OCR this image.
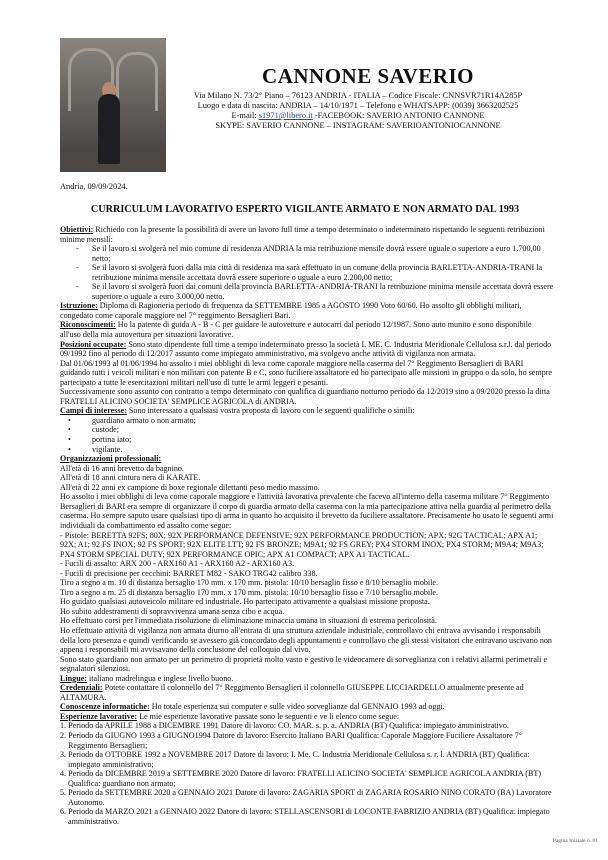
CANNONE SAVERIO
Via Milano N. 73/2° Piano – 76123 ANDRIA - ITALIA – Codice Fiscale: CNNSVR71R14A285P
Luogo e data di nascita: ANDRIA – 14/10/1971 – Telefono e WHATSAPP: (0039) 3663202525
E-mail: s1971@libero.it -FACEBOOK: SAVERIO ANTONIO CANNONE
SKYPE: SAVERIO CANNONE – INSTAGRAM: SAVERIOANTONIOCANNONE
Andria, 09/09/2024.
CURRICULUM LAVORATIVO ESPERTO VIGILANTE ARMATO E NON ARMATO DAL 1993

Obiettivi: Richiedo con la presente la possibilità di avere un lavoro full time a tempo determinato o indeterminato rispettando le seguenti retribuzioni minime mensili:

- Se il lavoro si svolgerà nel mio comune di residenza ANDRIA la mia retribuzione mensile dovrà essere uguale o superiore a euro 1.700,00 netto;
- Se il lavoro si svolgerà fuori dalla mia città di residenza ma sarà effettuato in un comune della provincia BARLETTA-ANDRIA-TRANI la retribuzione minima mensile accettata dovrà essere superiore o uguale a euro 2.200,00 netto;
- Se il lavoro si svolgerà fuori dai comuni della provincia BARLETTA-ANDRIA-TRANI la retribuzione minima mensile accettata dovrà essere superiore o uguale a euro 3.000,00 netto.

Istruzione: Diploma di Ragioneria periodo di frequenza da SETTEMBRE 1985 a AGOSTO 1990 Voto 60/60. Ho assolto gli obblighi militari, congedato come caporale maggiore nel 7° reggimento Bersaglieri Bari.

Riconoscimenti: Ho la patente di guida A - B - C per guidare le autovetture e autocarri dal periodo 12/1987. Sono auto munito e sono disponibile all'uso della mia autovettura per situazioni lavorative.

Posizioni occupate: Sono stato dipendente full time a tempo indeterminato presso la società I. ME. C. Industria Meridionale Cellulosa s.r.l. dal periodo 09/1992 fino al periodo di 12/2017 assunto come impiegato amministrativo, ma svolgevo anche attività di vigilanza non armata.

Dal 01/06/1993 al 01/06/1994 ho assolto i miei obblighi di leva come caporale maggiore nella caserma del 7° Reggimento Bersaglieri di BARI guidando tutti i veicoli militari e non militari con patente B e C, sono fuciliere assaltatore ed ho partecipato alle missioni in gruppo o da solo, ho sempre partecipato a tutte le esercitazioni militari nell'uso di tutte le armi leggeri e pesanti.

Successivamente sono assunto con contratto a tempo determinato con qualifica di guardiano notturno periodo da 12/2019 sino a 09/2020 presso la ditta FRATELLI ALICINO SOCIETA' SEMPLICE AGRICOLA di ANDRIA.

Campi di interesse: Sono interessato a qualsiasi vostra proposta di lavoro con le seguenti qualifiche o simili:

• guardiano armato o non armato;
• custode;
• portina iato;
• vigilante.

Organizzazioni professionali:

All'età di 16 anni brevetto da bagnino.

All'età di 18 anni cintura nera di KARATE.

All'età di 22 anni ex campione di boxe regionale dilettanti peso medio massimo.

Ho assolto i miei obblighi di leva come caporale maggiore e l'attività lavorativa prevalente che facevo all'interno della caserma militare 7° Reggimento Bersaglieri di BARI era sempre di organizzare il corpo di guardia armato della caserma con la mia partecipazione attiva nella guardia al perimetro della caserma. Ho sempre saputo usare qualsiasi tipo di arma in quanto ho acquisito il brevetto da fuciliere assaltatore. Precisamente ho usato le seguenti armi individuali da combattimento ed assalto come segue:

- Pistole: BERETTA 92FS; 80X; 92X PERFORMANCE DEFENSIVE; 92X PERFORMANCE PRODUCTION; APX; 92G TACTICAL; APX A1; 92X; A1; 92 FS INOX; 92 FS SPORT; 92X ELITE LTT; 92 FS BRONZE; M9A1; 92 FS GREY; PX4 STORM INOX; PX4 STORM; M9A4; M9A3; PX4 STORM SPECIAL DUTY; 92X PERFORMANCE OPIC; APX A1 COMPACT; APX A1 TACTICAL.

- Fucili di assalto: ARX 200 - ARX160 A1 - ARX160 A2 - ARX160 A3.

- Fucili di precisione per cecchini: BARRET M82 - SAKO TRG42 calibro 338.

Tiro a segno a m. 10 di distanza bersaglio 170 mm. x 170 mm. pistola: 10/10 bersaglio fisso e 8/10 bersaglio mobile.

Tiro a segno a m. 25 di distanza bersaglio 170 mm. x 170 mm. pistola: 10/10 bersaglio fisso e 7/10 bersaglio mobile.

Ho guidato qualsiasi autoveicolo militare ed industriale. Ho partecipato attivamente a qualsiasi missione proposta.

Ho subito addestramenti di sopravvivenza umana senza cibo e acqua.

Ho effettuato corsi per l'immediata risoluzione di eliminazione minaccia umana in situazioni di estrema pericolosità.

Ho effettuato attività di vigilanza non armata diurno all'entrata di una struttura aziendale industriale, controllavo chi entrava avvisando i responsabili della loro presenza e quindi verificando se avessero già concordato degli appuntamenti e controllavo che gli stessi visitatori che entravano uscivano non appena i responsabili mi avvisavano della conclusione del colloquio dal vivo.

Sono stato guardiano non armato per un perimetro di proprietà molto vasto e gestivo le videocamere di sorveglianza con i relativi allarmi perimetrali e segnalatori silenziosi.

Lingue: italiano madrelingua e inglese livello buono.

Credenziali: Potete contattare il colonnello del 7° Reggimento Bersaglieri il colonnello GIUSEPPE LICCIARDELLO attualmente presente ad ALTAMURA.

Conoscenze informatiche: Ho totale esperienza sui computer e sulle video sorveglianze dal GENNAIO 1993 ad oggi.

Esperienze lavorative: Le mie esperienze lavorative passate sono le seguenti e ve li elenco come segue:

1. Periodo da APRILE 1988 a DICEMBRE 1991 Datore di lavoro: CO. MAR. s. p. a. ANDRIA (BT) Qualifica: impiegato amministrativo.
2. Periodo da GIUGNO 1993 a GIUGNO1994 Datore di lavoro: Esercito Italiano BARI Qualifica: Caporale Maggiore Fuciliere Assaltatore 7° Reggimento Bersaglieri;
3. Periodo da OTTOBRE 1992 a NOVEMBRE 2017 Datore di lavoro: I. Me. C. Industria Meridionale Cellulosa s. r. l. ANDRIA (BT) Qualifica: impiegato amministrativo;
4. Periodo da DICEMBRE 2019 a SETTEMBRE 2020 Datore di lavoro: FRATELLI ALICINO SOCIETA' SEMPLICE AGRICOLA ANDRIA (BT) Qualifica: guardiano non armato;
5. Periodo da SETTEMBRE 2020 a GENNAIO 2021 Datore di lavoro: ZAGARIA SPORT di ZAGARIA ROSARIO NINO CORATO (BA) Lavoratore Autonomo.
6. Periodo da MARZO 2021 a GENNAIO 2022 Datore di lavoro: STELLASCENSORI di LOCONTE FABRIZIO ANDRIA (BT) Qualifica: impiegato amministrativo.
Pagina Iniziale n. 01
